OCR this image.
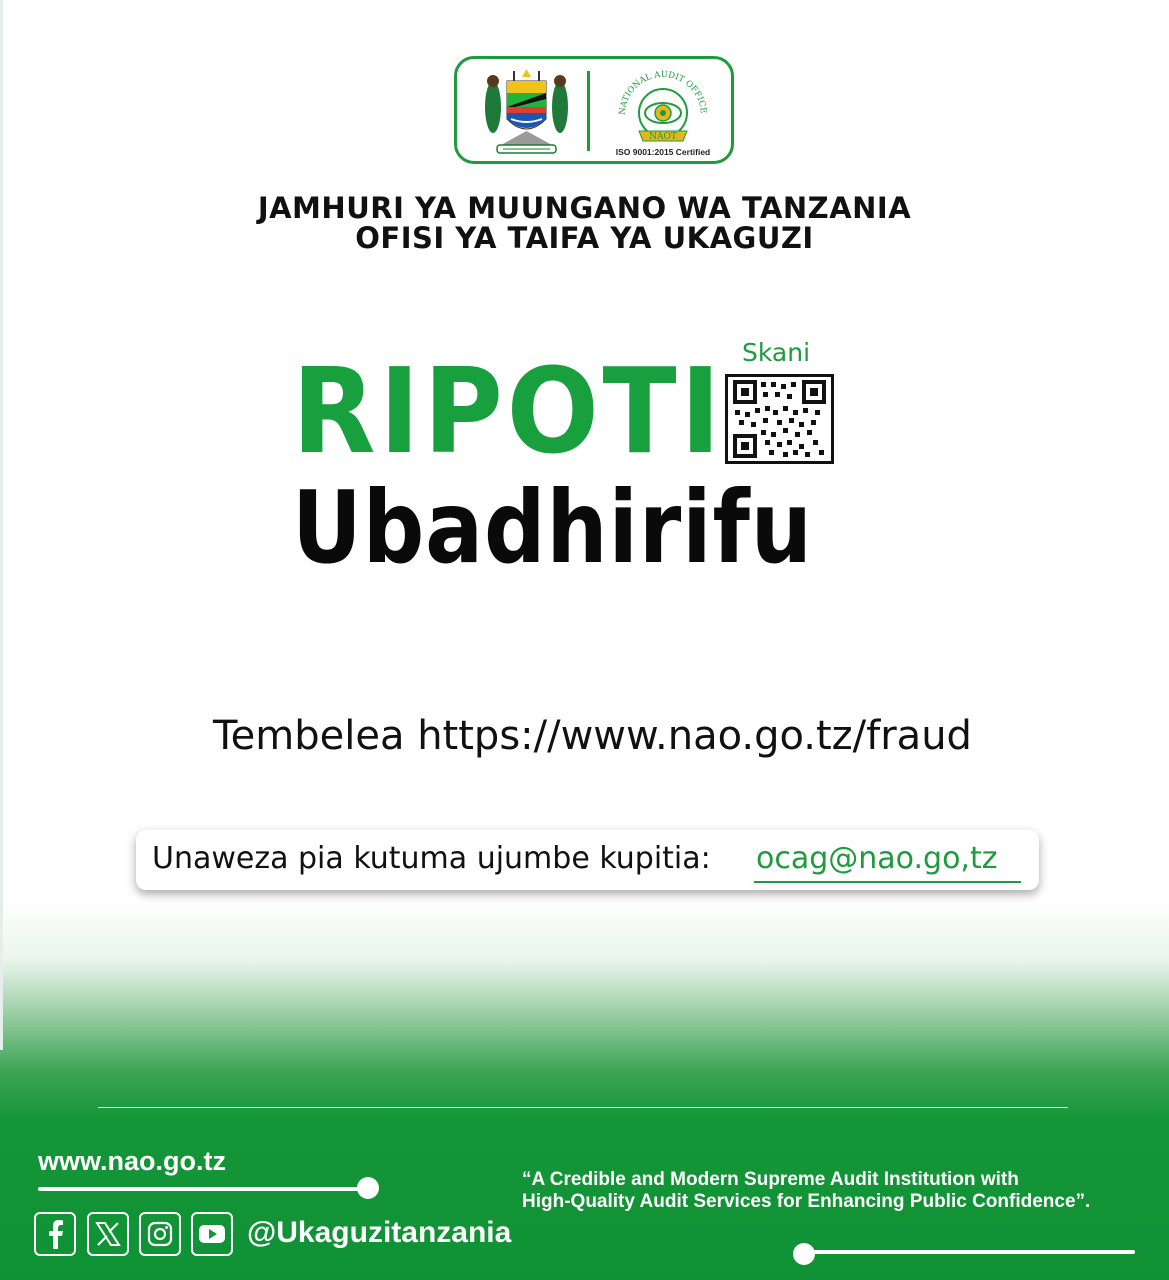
NATIONAL AUDIT OFFICE
NAOT
ISO 9001:2015 Certified
JAMHURI YA MUUNGANO WA TANZANIA
OFISI YA TAIFA YA UKAGUZI
Skani
RIPOTI
Ubadhirifu
Tembelea https://www.nao.go.tz/fraud
Unaweza pia kutuma ujumbe kupitia: ocag@nao.go,tz
www.nao.go.tz
@Ukaguzitanzania
“A Credible and Modern Supreme Audit Institution with
High-Quality Audit Services for Enhancing Public Confidence”.
